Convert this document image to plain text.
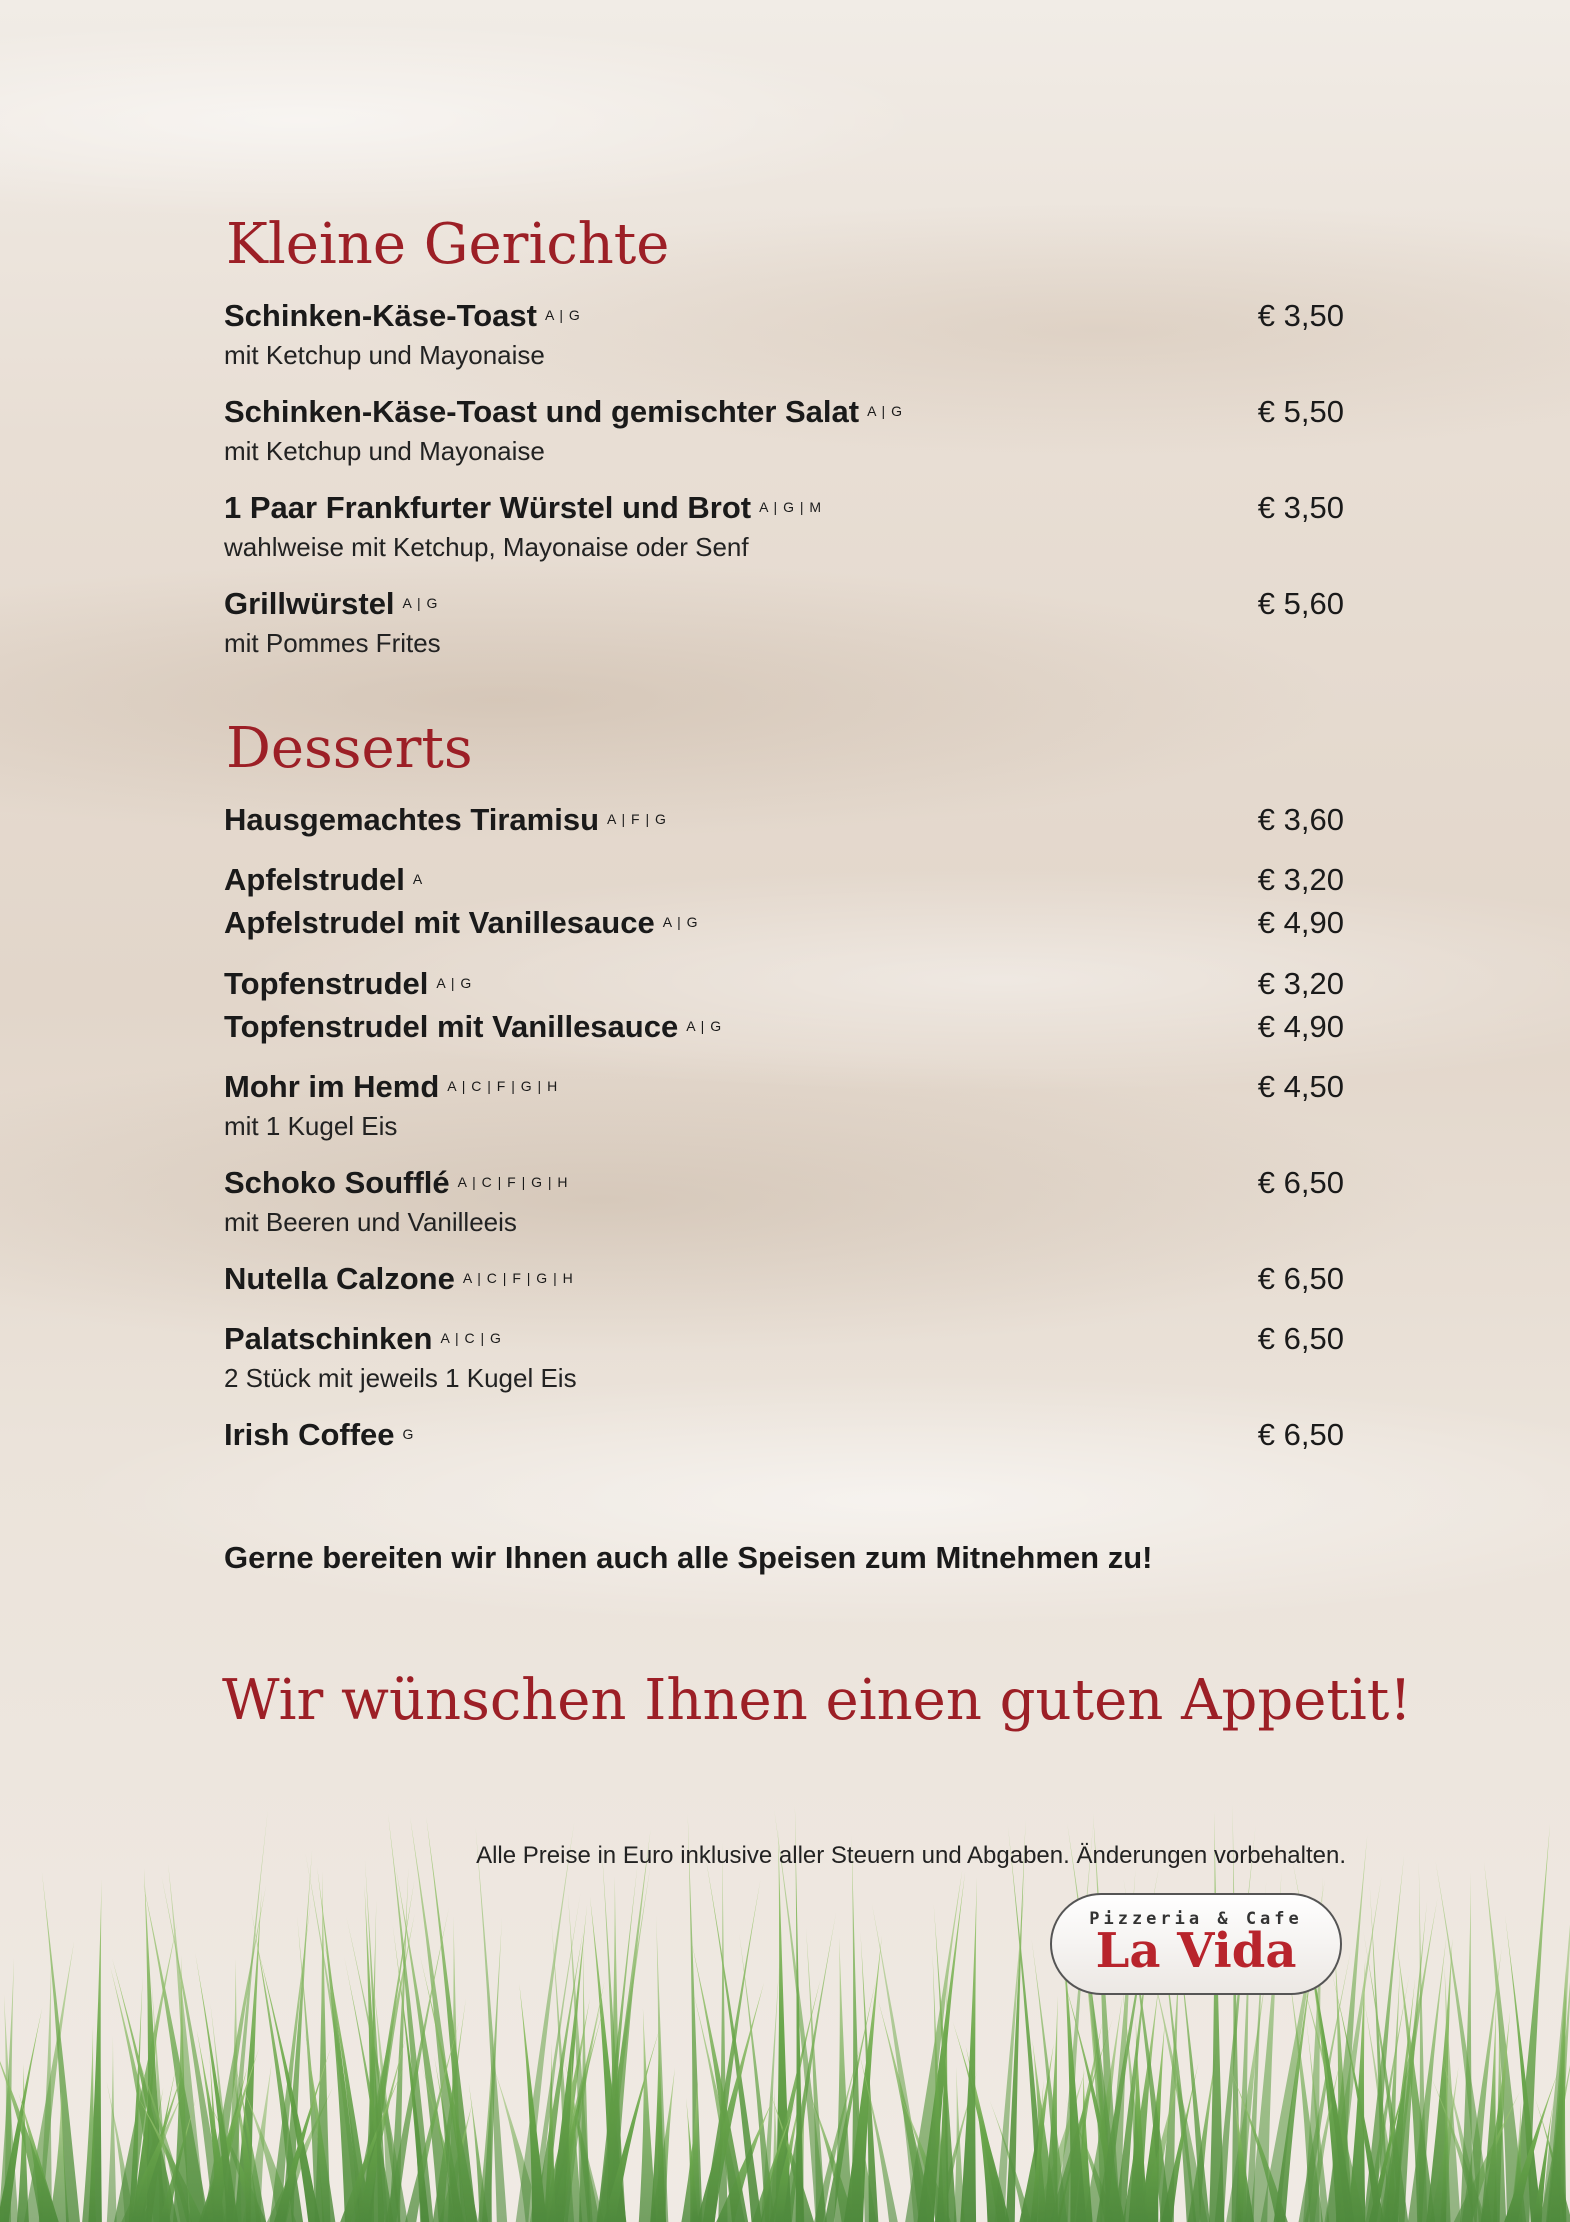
Kleine Gerichte
Schinken-Käse-Toast A | G	€ 3,50
mit Ketchup und Mayonaise
Schinken-Käse-Toast und gemischter Salat A | G	€ 5,50
mit Ketchup und Mayonaise
1 Paar Frankfurter Würstel und Brot A | G | M	€ 3,50
wahlweise mit Ketchup, Mayonaise oder Senf
Grillwürstel A | G	€ 5,60
mit Pommes Frites
Desserts
Hausgemachtes Tiramisu A | F | G	€ 3,60
Apfelstrudel A	€ 3,20
Apfelstrudel mit Vanillesauce A | G	€ 4,90
Topfenstrudel A | G	€ 3,20
Topfenstrudel mit Vanillesauce A | G	€ 4,90
Mohr im Hemd A | C | F | G | H	€ 4,50
mit 1 Kugel Eis
Schoko Soufflé A | C | F | G | H	€ 6,50
mit Beeren und Vanilleeis
Nutella Calzone A | C | F | G | H	€ 6,50
Palatschinken A | C | G	€ 6,50
2 Stück mit jeweils 1 Kugel Eis
Irish Coffee G	€ 6,50
Gerne bereiten wir Ihnen auch alle Speisen zum Mitnehmen zu!
Wir wünschen Ihnen einen guten Appetit!
Alle Preise in Euro inklusive aller Steuern und Abgaben. Änderungen vorbehalten.
Pizzeria & Cafe
La Vida
